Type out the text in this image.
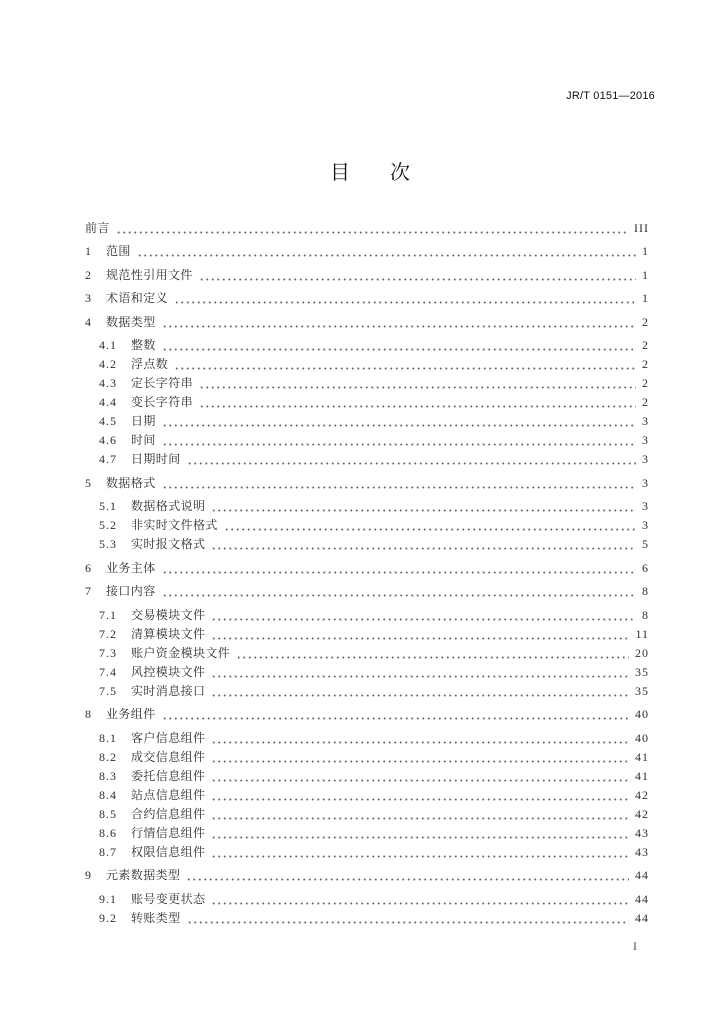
JR/T 0151—2016
目次
前言	III
1	范围	1
2	规范性引用文件	1
3	术语和定义	1
4	数据类型	2
4.1	整数	2
4.2	浮点数	2
4.3	定长字符串	2
4.4	变长字符串	2
4.5	日期	3
4.6	时间	3
4.7	日期时间	3
5	数据格式	3
5.1	数据格式说明	3
5.2	非实时文件格式	3
5.3	实时报文格式	5
6	业务主体	6
7	接口内容	8
7.1	交易模块文件	8
7.2	清算模块文件	11
7.3	账户资金模块文件	20
7.4	风控模块文件	35
7.5	实时消息接口	35
8	业务组件	40
8.1	客户信息组件	40
8.2	成交信息组件	41
8.3	委托信息组件	41
8.4	站点信息组件	42
8.5	合约信息组件	42
8.6	行情信息组件	43
8.7	权限信息组件	43
9	元素数据类型	44
9.1	账号变更状态	44
9.2	转账类型	44
I
